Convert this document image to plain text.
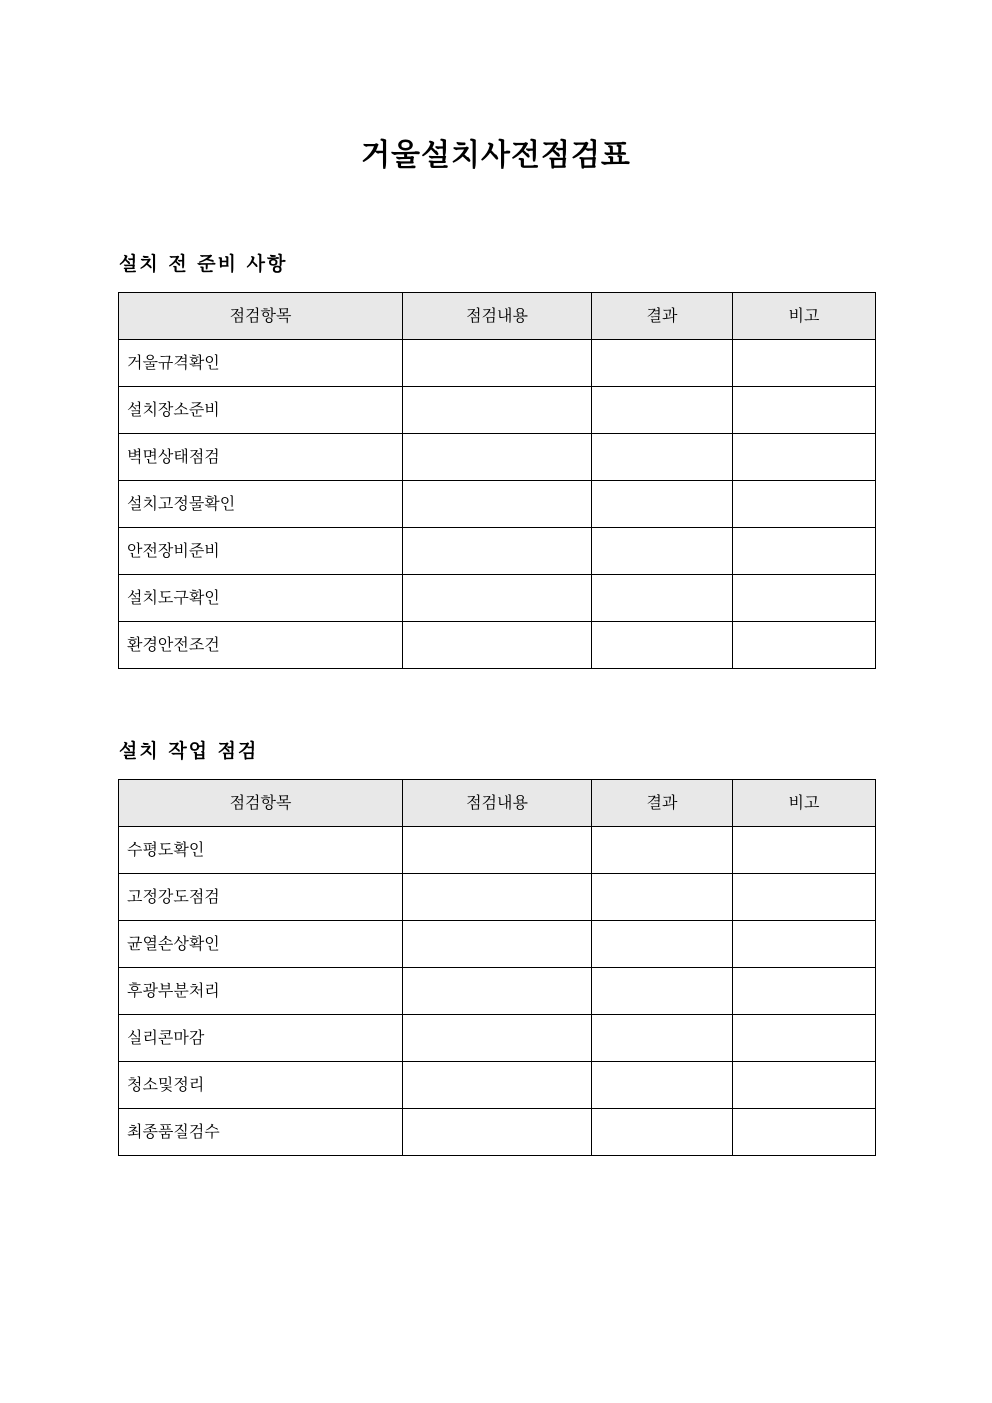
거울설치사전점검표
설치 전 준비 사항
점검항목	점검내용	결과	비고
거울규격확인			
설치장소준비			
벽면상태점검			
설치고정물확인			
안전장비준비			
설치도구확인			
환경안전조건			
설치 작업 점검
점검항목	점검내용	결과	비고
수평도확인			
고정강도점검			
균열손상확인			
후광부분처리			
실리콘마감			
청소및정리			
최종품질검수			
